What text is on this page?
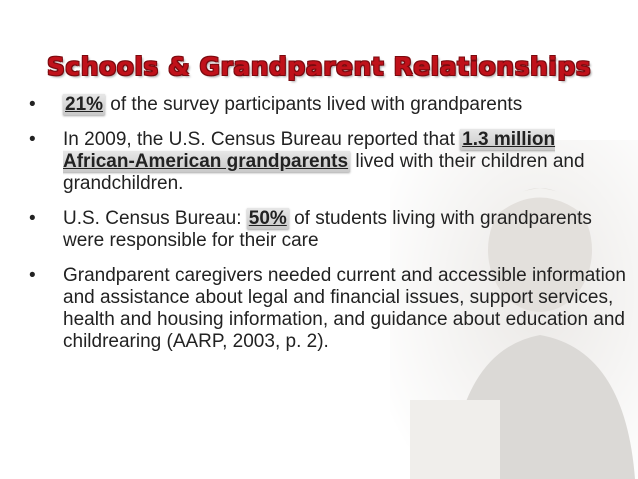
Schools & Grandparent Relationships
• 21% of the survey participants lived with grandparents
• In 2009, the U.S. Census Bureau reported that 1.3 million African-American grandparents lived with their children and grandchildren.
• U.S. Census Bureau: 50% of students living with grandparents were responsible for their care
• Grandparent caregivers needed current and accessible information and assistance about legal and financial issues, support services, health and housing information, and guidance about education and childrearing (AARP, 2003, p. 2).
